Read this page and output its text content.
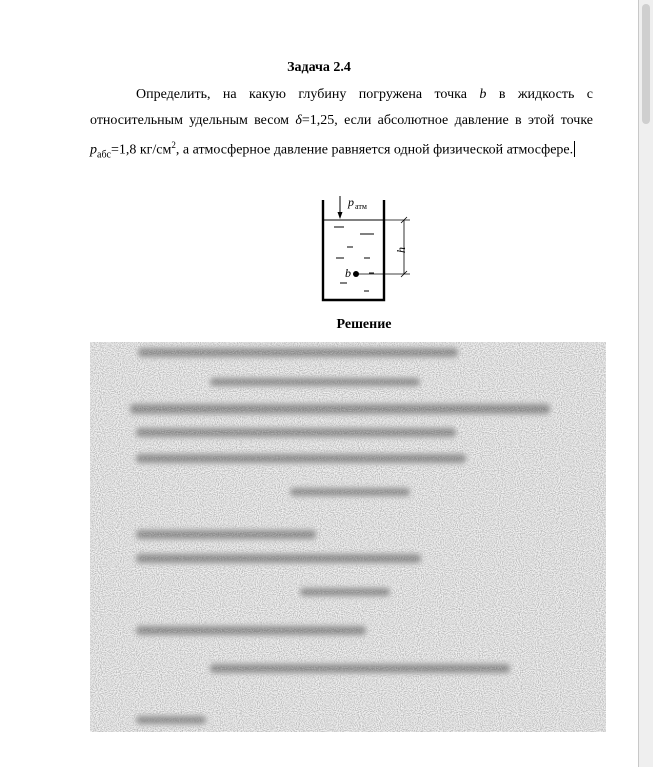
Задача 2.4
Определить, на какую глубину погружена точка b в жидкость с относительным удельным весом δ=1,25, если абсолютное давление в этой точке $p_{абс}=1,8$ $кг/см^2$, а атмосферное давление равняется одной физической атмосфере.
p атм
b
h
Решение
